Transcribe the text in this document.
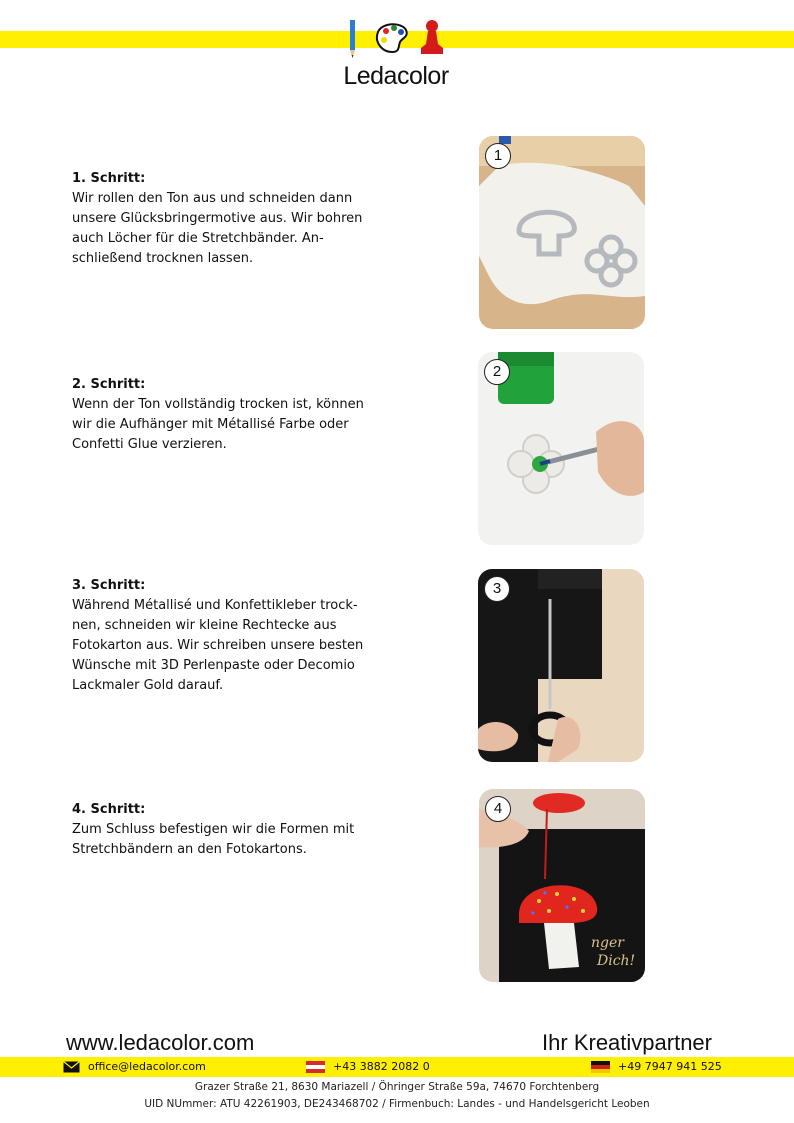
Ledacolor
1. Schritt:
Wir rollen den Ton aus und schneiden dann
unsere Glücksbringermotive aus. Wir bohren
auch Löcher für die Stretchbänder. An-
schließend trocknen lassen.
1
2. Schritt:
Wenn der Ton vollständig trocken ist, können
wir die Aufhänger mit Métallisé Farbe oder
Confetti Glue verzieren.
2
3. Schritt:
Während Métallisé und Konfettikleber trock-
nen, schneiden wir kleine Rechtecke aus
Fotokarton aus. Wir schreiben unsere besten
Wünsche mit 3D Perlenpaste oder Decomio
Lackmaler Gold darauf.
3
4. Schritt:
Zum Schluss befestigen wir die Formen mit
Stretchbändern an den Fotokartons.
nger
Dich!
4
www.ledacolor.com	Ihr Kreativpartner
office@ledacolor.com	+43 3882 2082 0	+49 7947 941 525
Grazer Straße 21, 8630 Mariazell / Öhringer Straße 59a, 74670 Forchtenberg
UID NUmmer: ATU 42261903, DE243468702 / Firmenbuch: Landes - und Handelsgericht Leoben
